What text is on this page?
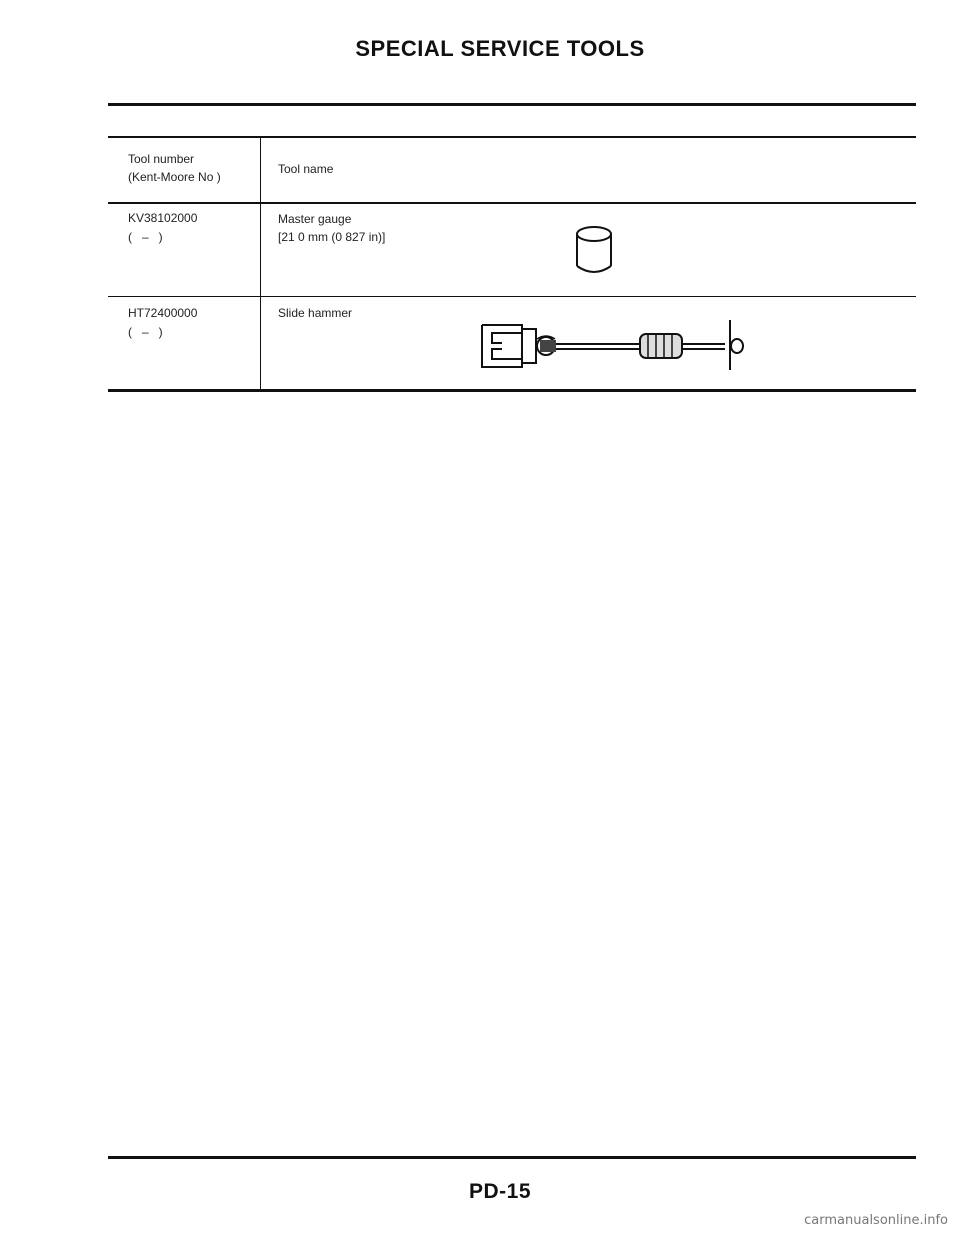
SPECIAL SERVICE TOOLS
Tool number
(Kent-Moore No )
Tool name
KV38102000
(   –   )
Master gauge
[21 0 mm (0 827 in)]
HT72400000
(   –   )
Slide hammer
PD-15
carmanualsonline.info
